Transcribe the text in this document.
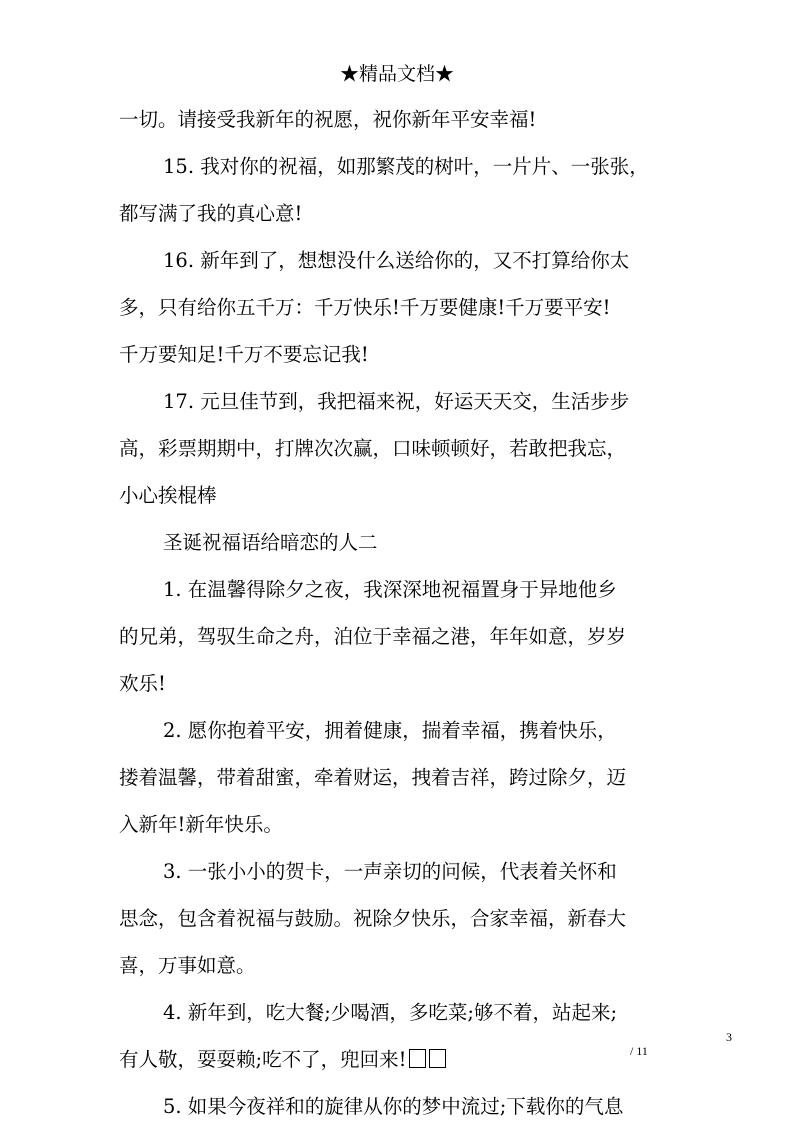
★精品文档★
一切。请接受我新年的祝愿，祝你新年平安幸福!
15. 我对你的祝福，如那繁茂的树叶，一片片、一张张，
都写满了我的真心意!
16. 新年到了，想想没什么送给你的，又不打算给你太
多，只有给你五千万：千万快乐!千万要健康!千万要平安!
千万要知足!千万不要忘记我!
17. 元旦佳节到，我把福来祝，好运天天交，生活步步
高，彩票期期中，打牌次次赢，口味顿顿好，若敢把我忘，
小心挨棍棒
圣诞祝福语给暗恋的人二
1. 在温馨得除夕之夜，我深深地祝福置身于异地他乡
的兄弟，驾驭生命之舟，泊位于幸福之港，年年如意，岁岁
欢乐!
2. 愿你抱着平安，拥着健康，揣着幸福，携着快乐，
搂着温馨，带着甜蜜，牵着财运，拽着吉祥，跨过除夕，迈
入新年!新年快乐。
3. 一张小小的贺卡，一声亲切的问候，代表着关怀和
思念，包含着祝福与鼓励。祝除夕快乐，合家幸福，新春大
喜，万事如意。
4. 新年到，吃大餐;少喝酒，多吃菜;够不着，站起来;
有人敬，耍耍赖;吃不了，兜回来!
5. 如果今夜祥和的旋律从你的梦中流过;下载你的气息
3
/ 11
